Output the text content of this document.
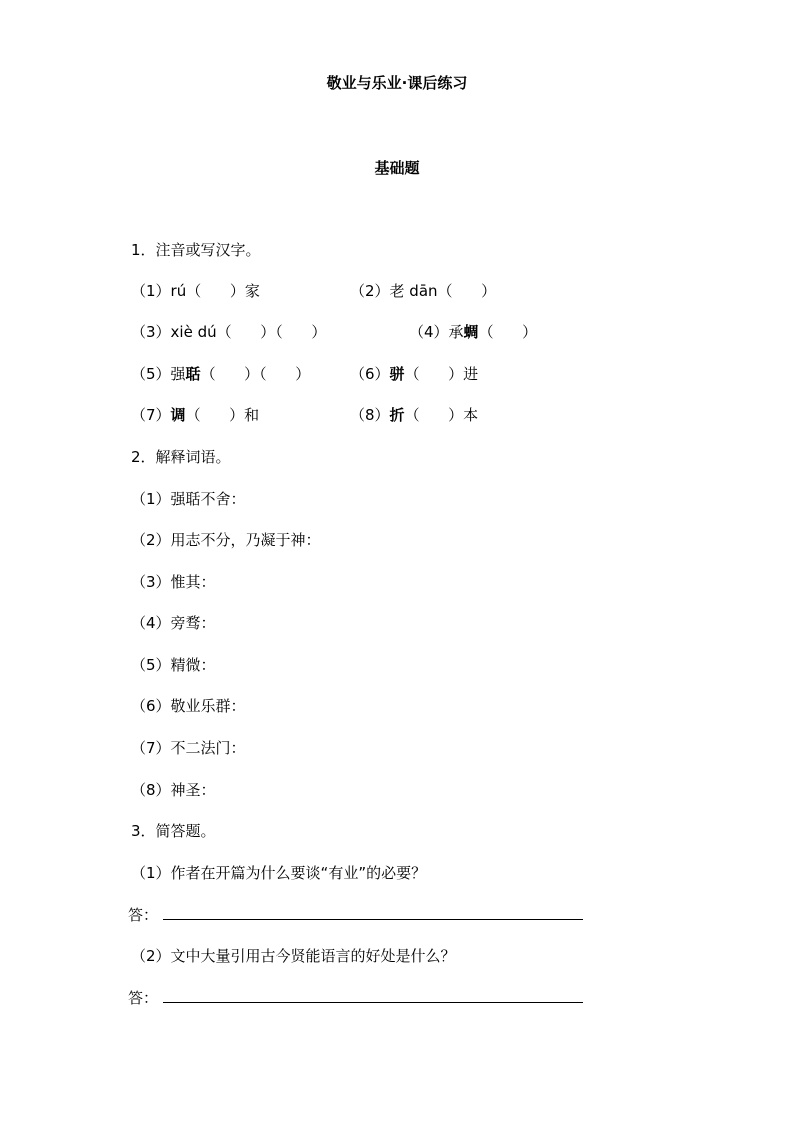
敬业与乐业·课后练习
基础题
1．注音或写汉字。
（1）rú（      ）家	（2）老 dān（      ）
（3）xiè dú（      ）（      ）	（4）承蜩（      ）
（5）强聒（      ）（      ）	（6）骈（      ）进
（7）调（      ）和	（8）折（      ）本
2．解释词语。
（1）强聒不舍：
（2）用志不分，乃凝于神：
（3）惟其：
（4）旁骛：
（5）精微：
（6）敬业乐群：
（7）不二法门：
（8）神圣：
3．简答题。
（1）作者在开篇为什么要谈“有业”的必要？
答：
（2）文中大量引用古今贤能语言的好处是什么？
答：
